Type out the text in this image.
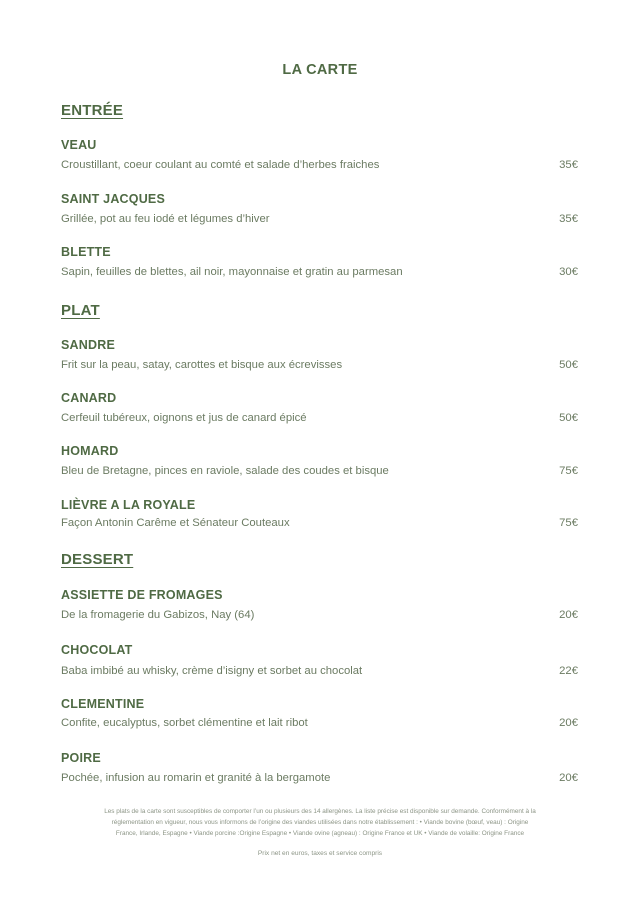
LA CARTE
ENTRÉE
VEAU
Croustillant, coeur coulant au comté et salade d’herbes fraiches	35€
SAINT JACQUES
Grillée, pot au feu iodé et légumes d’hiver	35€
BLETTE
Sapin, feuilles de blettes, ail noir, mayonnaise et gratin au parmesan	30€
PLAT
SANDRE
Frit sur la peau, satay, carottes et bisque aux écrevisses	50€
CANARD
Cerfeuil tubéreux, oignons et jus de canard épicé	50€
HOMARD
Bleu de Bretagne, pinces en raviole, salade des coudes et bisque	75€
LIÈVRE A LA ROYALE
Façon Antonin Carême et Sénateur Couteaux	75€
DESSERT
ASSIETTE DE FROMAGES
De la fromagerie du Gabizos, Nay (64)	20€
CHOCOLAT
Baba imbibé au whisky, crème d’isigny et sorbet au chocolat	22€
CLEMENTINE
Confite, eucalyptus, sorbet clémentine et lait ribot	20€
POIRE
Pochée, infusion au romarin et granité à la bergamote	20€
Les plats de la carte sont susceptibles de comporter l’un ou plusieurs des 14 allergènes. La liste précise est disponible sur demande. Conformément à la
réglementation en vigueur, nous vous informons de l’origine des viandes utilisées dans notre établissement : • Viande bovine (bœuf, veau) : Origine
France, Irlande, Espagne • Viande porcine :Origine Espagne • Viande ovine (agneau) : Origine France et UK • Viande de volaille: Origine France
Prix net en euros, taxes et service compris
